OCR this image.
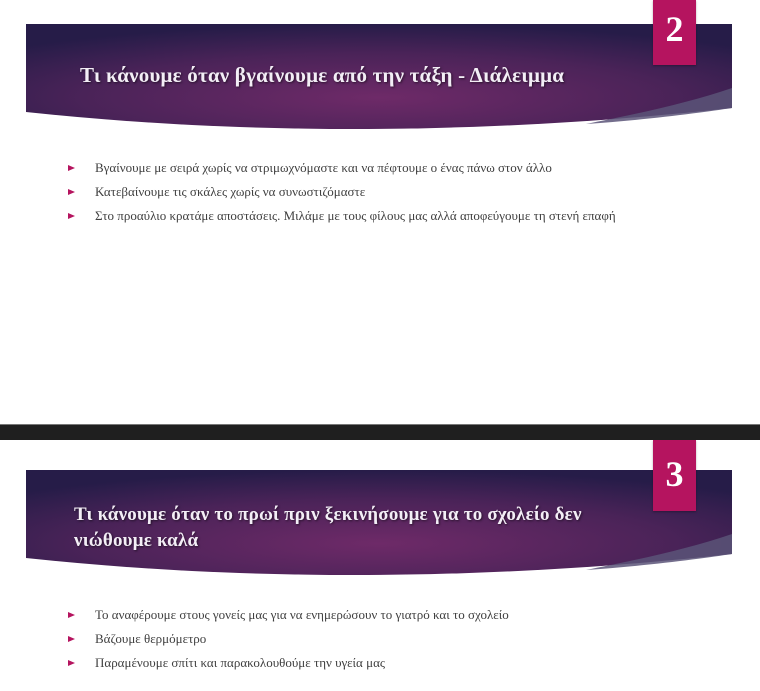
Τι κάνουμε όταν βγαίνουμε από την τάξη - Διάλειμμα
2
Βγαίνουμε με σειρά χωρίς να στριμωχνόμαστε και να πέφτουμε ο ένας πάνω στον άλλο
Κατεβαίνουμε τις σκάλες χωρίς να συνωστιζόμαστε
Στο προαύλιο κρατάμε αποστάσεις. Μιλάμε με τους φίλους μας αλλά αποφεύγουμε τη στενή επαφή
Τι κάνουμε όταν το πρωί πριν ξεκινήσουμε για το σχολείο δεν νιώθουμε καλά
3
Το αναφέρουμε στους γονείς μας για να ενημερώσουν το γιατρό και το σχολείο
Βάζουμε θερμόμετρο
Παραμένουμε σπίτι και παρακολουθούμε την υγεία μας
